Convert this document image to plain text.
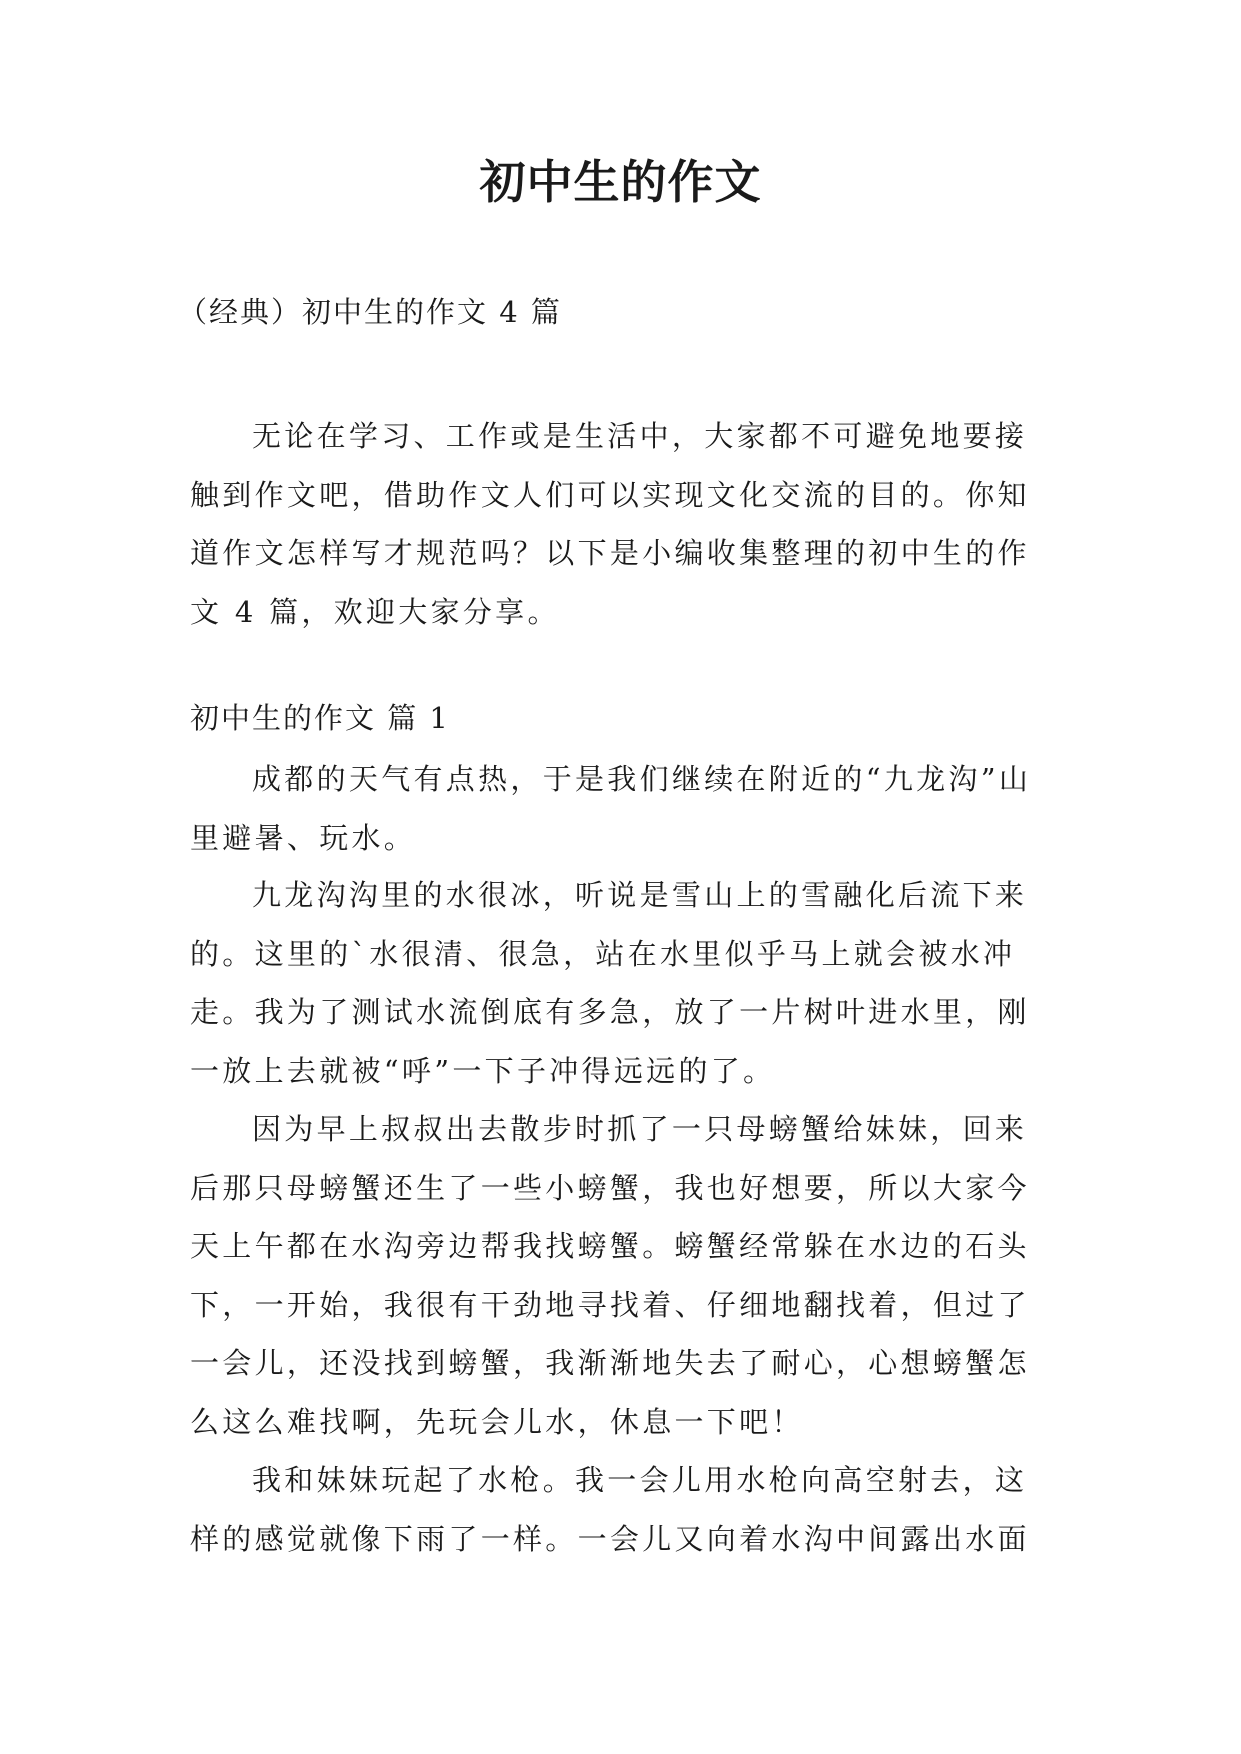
初中生的作文
（经典）初中生的作文 4 篇

无论在学习、工作或是生活中，大家都不可避免地要接触到作文吧，借助作文人们可以实现文化交流的目的。你知道作文怎样写才规范吗？以下是小编收集整理的初中生的作文 4 篇，欢迎大家分享。

初中生的作文 篇 1

成都的天气有点热，于是我们继续在附近的“九龙沟”山里避暑、玩水。

九龙沟沟里的水很冰，听说是雪山上的雪融化后流下来的。这里的`水很清、很急，站在水里似乎马上就会被水冲走。我为了测试水流倒底有多急，放了一片树叶进水里，刚一放上去就被“呼”一下子冲得远远的了。

因为早上叔叔出去散步时抓了一只母螃蟹给妹妹，回来后那只母螃蟹还生了一些小螃蟹，我也好想要，所以大家今天上午都在水沟旁边帮我找螃蟹。螃蟹经常躲在水边的石头下，一开始，我很有干劲地寻找着、仔细地翻找着，但过了一会儿，还没找到螃蟹，我渐渐地失去了耐心，心想螃蟹怎么这么难找啊，先玩会儿水，休息一下吧！

我和妹妹玩起了水枪。我一会儿用水枪向高空射去，这样的感觉就像下雨了一样。一会儿又向着水沟中间露出水面
